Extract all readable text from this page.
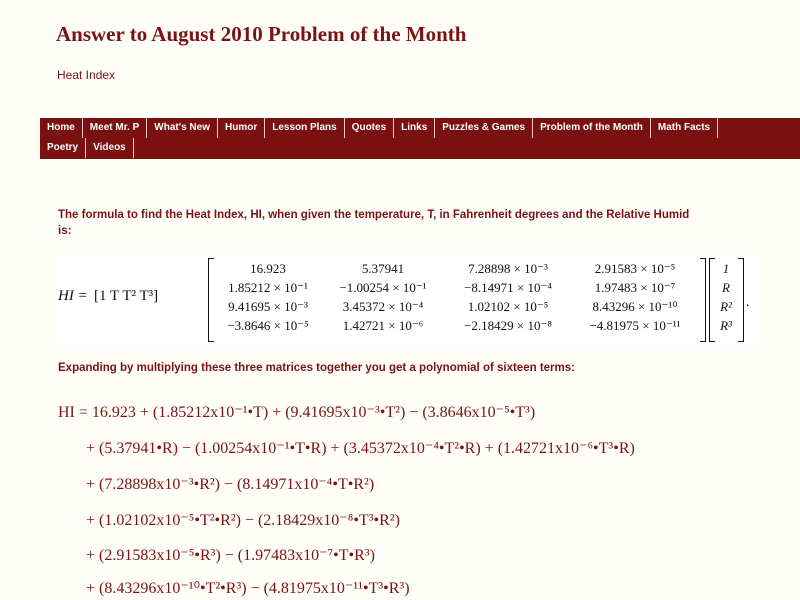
Answer to August 2010 Problem of the Month
Heat Index
Home	Meet Mr. P	What's New	Humor	Lesson Plans	Quotes	Links	Puzzles & Games	Problem of the Month	Math Facts
Poetry	Videos
The formula to find the Heat Index, HI, when given the temperature, T, in Fahrenheit degrees and the Relative Humid
is:
HI = [1 T T² T³]
16.923	5.37941	7.28898 × 10⁻³	2.91583 × 10⁻⁵
1.85212 × 10⁻¹	−1.00254 × 10⁻¹	−8.14971 × 10⁻⁴	1.97483 × 10⁻⁷
9.41695 × 10⁻³	3.45372 × 10⁻⁴	1.02102 × 10⁻⁵	8.43296 × 10⁻¹⁰
−3.8646 × 10⁻⁵	1.42721 × 10⁻⁶	−2.18429 × 10⁻⁸	−4.81975 × 10⁻¹¹
1
R
R²
R³
.
Expanding by multiplying these three matrices together you get a polynomial of sixteen terms:
HI = 16.923 + (1.85212x10⁻¹•T) + (9.41695x10⁻³•T²) − (3.8646x10⁻⁵•T³)
+ (5.37941•R) − (1.00254x10⁻¹•T•R) + (3.45372x10⁻⁴•T²•R) + (1.42721x10⁻⁶•T³•R)
+ (7.28898x10⁻³•R²) − (8.14971x10⁻⁴•T•R²)
+ (1.02102x10⁻⁵•T²•R²) − (2.18429x10⁻⁸•T³•R²)
+ (2.91583x10⁻⁵•R³) − (1.97483x10⁻⁷•T•R³)
+ (8.43296x10⁻¹⁰•T²•R³) − (4.81975x10⁻¹¹•T³•R³)
